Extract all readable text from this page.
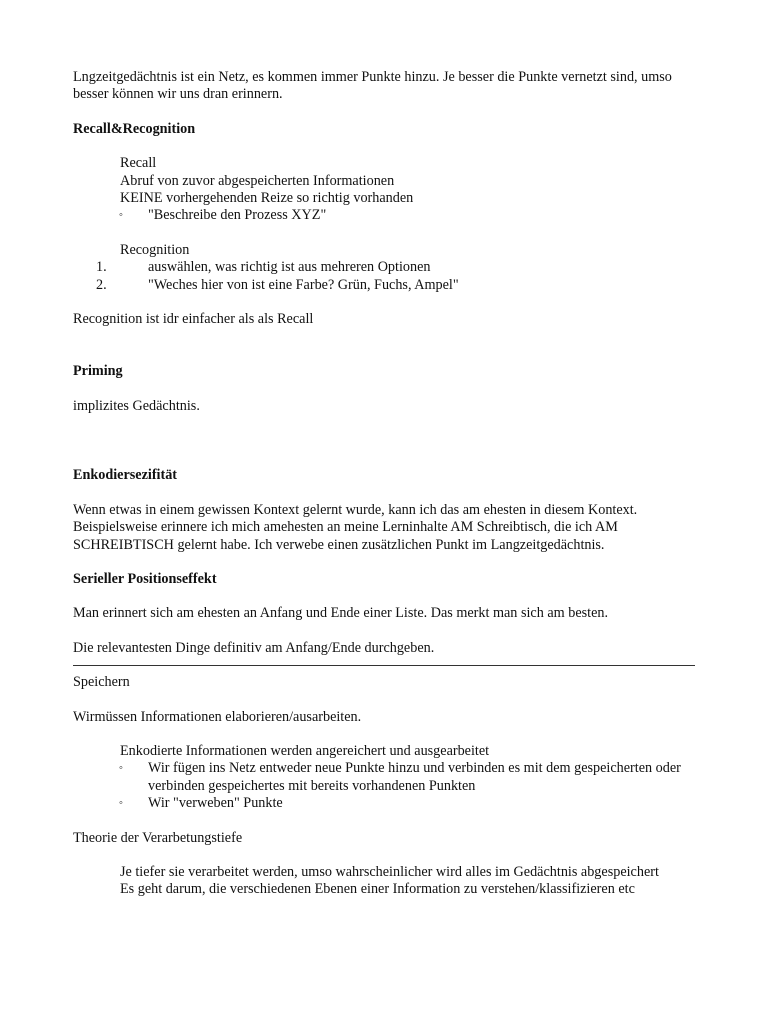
Lngzeitgedächtnis ist ein Netz, es kommen immer Punkte hinzu. Je besser die Punkte vernetzt sind, umso besser können wir uns dran erinnern.

Recall&Recognition

Recall

Abruf von zuvor abgespeicherten Informationen

KEINE vorhergehenden Reize so richtig vorhanden

◦ "Beschreibe den Prozess XYZ"

Recognition

1.	auswählen, was richtig ist aus mehreren Optionen
2.	"Weches hier von ist eine Farbe? Grün, Fuchs, Ampel"

Recognition ist idr einfacher als als Recall

Priming

implizites Gedächtnis.

Enkodiersezifität

Wenn etwas in einem gewissen Kontext gelernt wurde, kann ich das am ehesten in diesem Kontext. Beispielsweise erinnere ich mich amehesten an meine Lerninhalte AM Schreibtisch, die ich AM SCHREIBTISCH gelernt habe. Ich verwebe einen zusätzlichen Punkt im Langzeitgedächtnis.

Serieller Positionseffekt

Man erinnert sich am ehesten an Anfang und Ende einer Liste. Das merkt man sich am besten.

Die relevantesten Dinge definitiv am Anfang/Ende durchgeben.

Speichern

Wirmüssen Informationen elaborieren/ausarbeiten.

Enkodierte Informationen werden angereichert und ausgearbeitet

◦ Wir fügen ins Netz entweder neue Punkte hinzu und verbinden es mit dem gespeicherten oder verbinden gespeichertes mit bereits vorhandenen Punkten
◦ Wir "verweben" Punkte

Theorie der Verarbetungstiefe

Je tiefer sie verarbeitet werden, umso wahrscheinlicher wird alles im Gedächtnis abgespeichert

Es geht darum, die verschiedenen Ebenen einer Information zu verstehen/klassifizieren etc
